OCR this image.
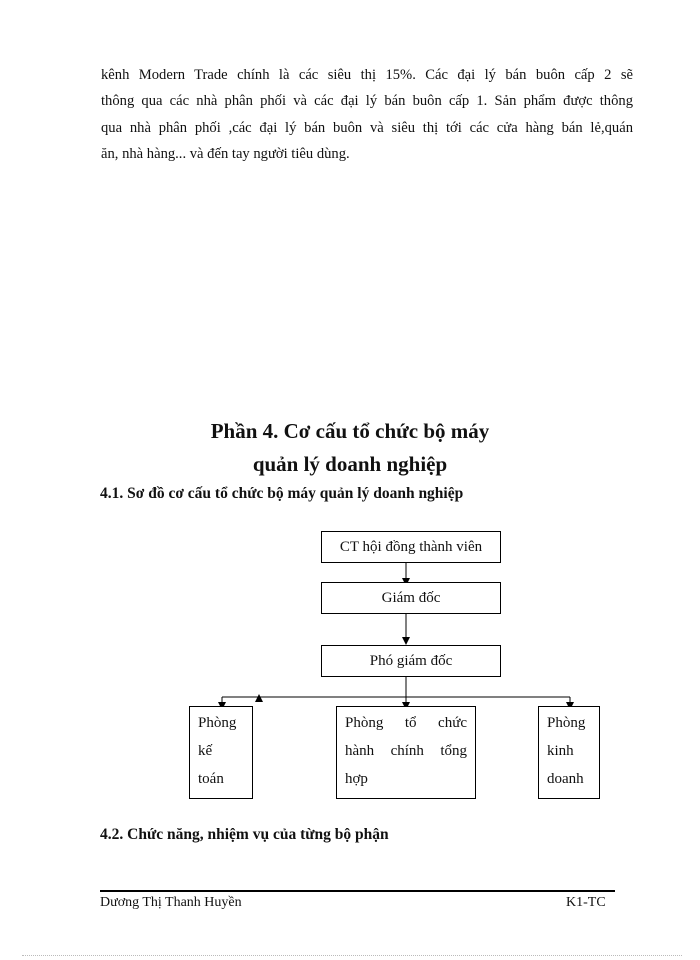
kênh Modern Trade chính là các siêu thị 15%. Các đại lý bán buôn cấp 2 sẽ
thông qua các nhà phân phối và các đại lý bán buôn cấp 1. Sản phẩm được thông
qua nhà phân phối ,các đại lý bán buôn và siêu thị tới các cửa hàng bán lẻ,quán
ăn, nhà hàng... và đến tay người tiêu dùng.
Phần 4. Cơ cấu tổ chức bộ máy
quản lý doanh nghiệp
4.1. Sơ đồ cơ cấu tổ chức bộ máy quản lý doanh nghiệp
CT hội đồng thành viên
Giám đốc
Phó giám đốc
Phòng
kế
toán
Phòng tổ chức
hành chính tổng
hợp
Phòng
kinh
doanh
4.2. Chức năng, nhiệm vụ của từng bộ phận
Dương Thị Thanh Huyền	K1-TC
